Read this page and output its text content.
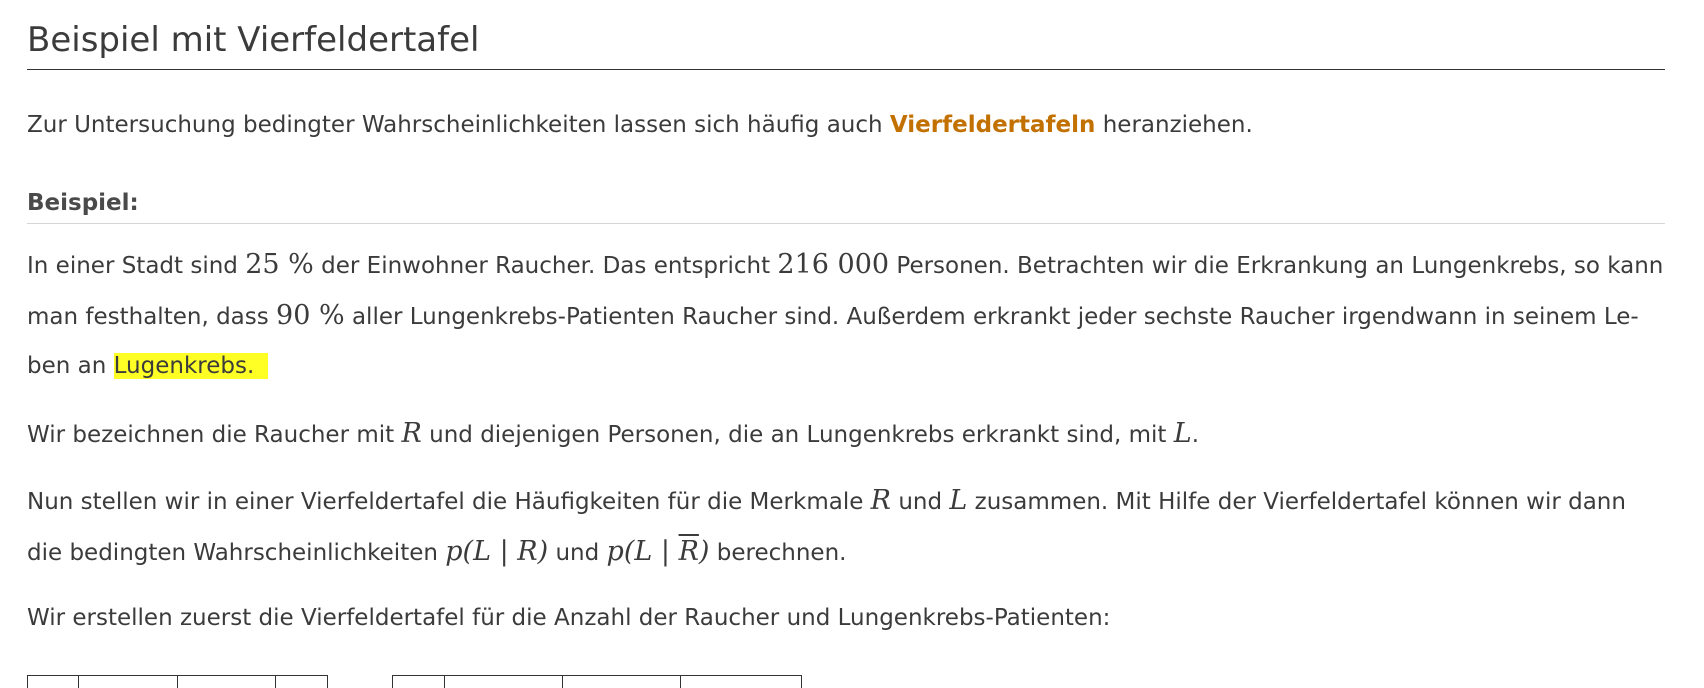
Beispiel mit Vierfeldertafel
Zur Untersuchung bedingter Wahrscheinlichkeiten lassen sich häufig auch Vierfeldertafeln heranziehen.
Beispiel:
In einer Stadt sind 25 % der Einwohner Raucher. Das entspricht 216 000 Personen. Betrachten wir die Erkrankung an Lungenkrebs, so kann man festhalten, dass 90 % aller Lungenkrebs-Patienten Raucher sind. Außerdem erkrankt jeder sechste Raucher irgendwann in seinem Leben an Lugenkrebs.
Wir bezeichnen die Raucher mit R und diejenigen Personen, die an Lungenkrebs erkrankt sind, mit L.
Nun stellen wir in einer Vierfeldertafel die Häufigkeiten für die Merkmale R und L zusammen. Mit Hilfe der Vierfeldertafel können wir dann die bedingten Wahrscheinlichkeiten p(L | R) und p(L | $\overline{R}$) berechnen.
Wir erstellen zuerst die Vierfeldertafel für die Anzahl der Raucher und Lungenkrebs-Patienten:
